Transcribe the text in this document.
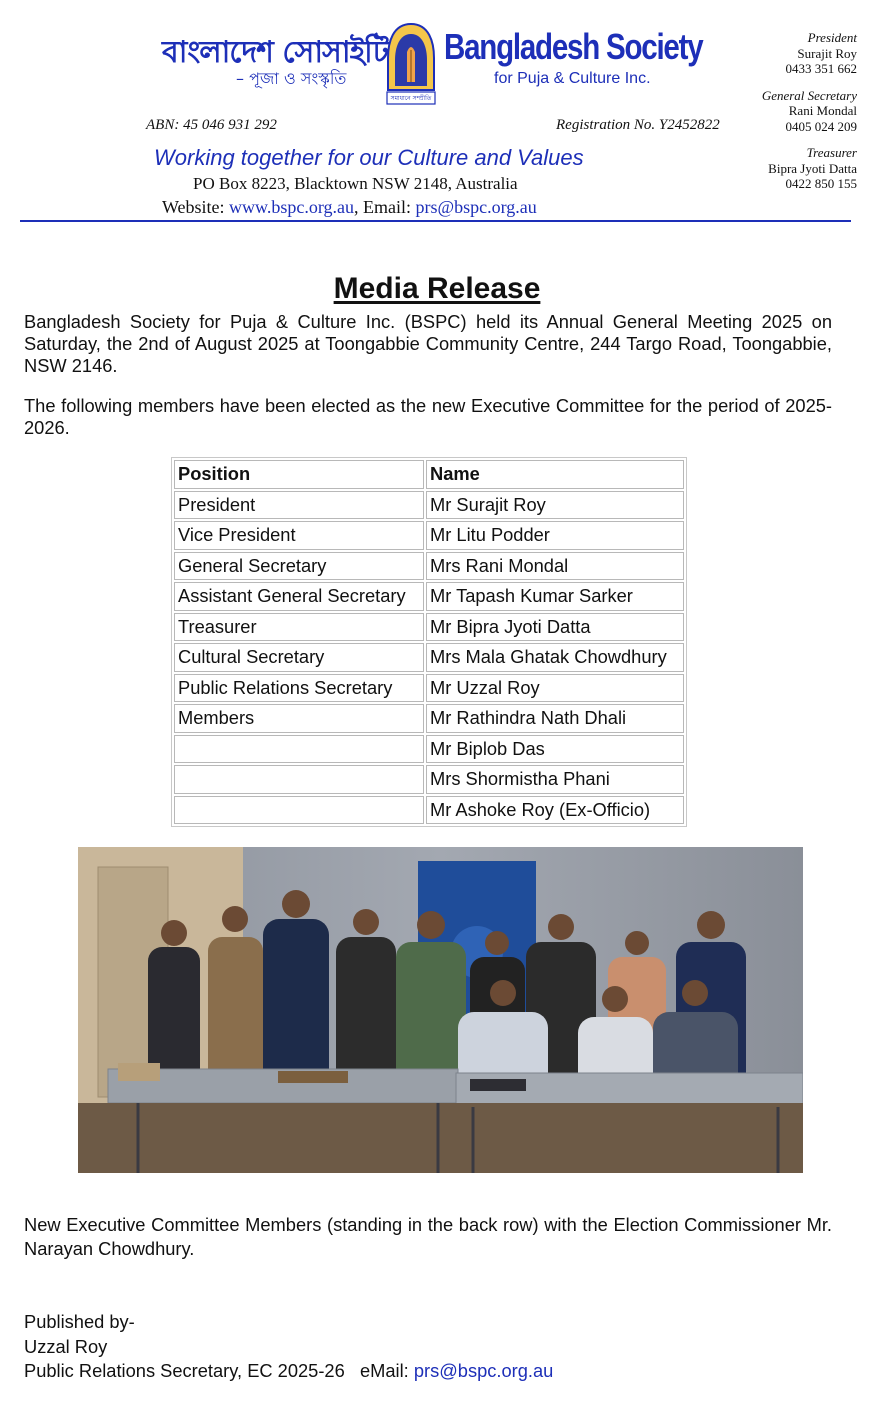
বাংলাদেশ সোসাইটি
– পূজা ও সংস্কৃতি
সমাধানে সম্প্রীতি
Bangladesh Society
for Puja & Culture Inc.
ABN: 45 046 931 292	Registration No. Y2452822
Working together for our Culture and Values
PO Box 8223, Blacktown NSW 2148, Australia
Website: www.bspc.org.au, Email: prs@bspc.org.au
President
Surajit Roy
0433 351 662
General Secretary
Rani Mondal
0405 024 209
Treasurer
Bipra Jyoti Datta
0422 850 155
Media Release
Bangladesh Society for Puja & Culture Inc. (BSPC) held its Annual General Meeting 2025 on Saturday, the 2nd of August 2025 at Toongabbie Community Centre, 244 Targo Road, Toongabbie, NSW 2146.
The following members have been elected as the new Executive Committee for the period of 2025-2026.
Position	Name
President	Mr Surajit Roy
Vice President	Mr Litu Podder
General Secretary	Mrs Rani Mondal
Assistant General Secretary	Mr Tapash Kumar Sarker
Treasurer	Mr Bipra Jyoti Datta
Cultural Secretary	Mrs Mala Ghatak Chowdhury
Public Relations Secretary	Mr Uzzal Roy
Members	Mr Rathindra Nath Dhali
	Mr Biplob Das
	Mrs Shormistha Phani
	Mr Ashoke Roy (Ex-Officio)
New Executive Committee Members (standing in the back row) with the Election Commissioner Mr. Narayan Chowdhury.
Published by-
Uzzal Roy
Public Relations Secretary, EC 2025-26   eMail: prs@bspc.org.au
